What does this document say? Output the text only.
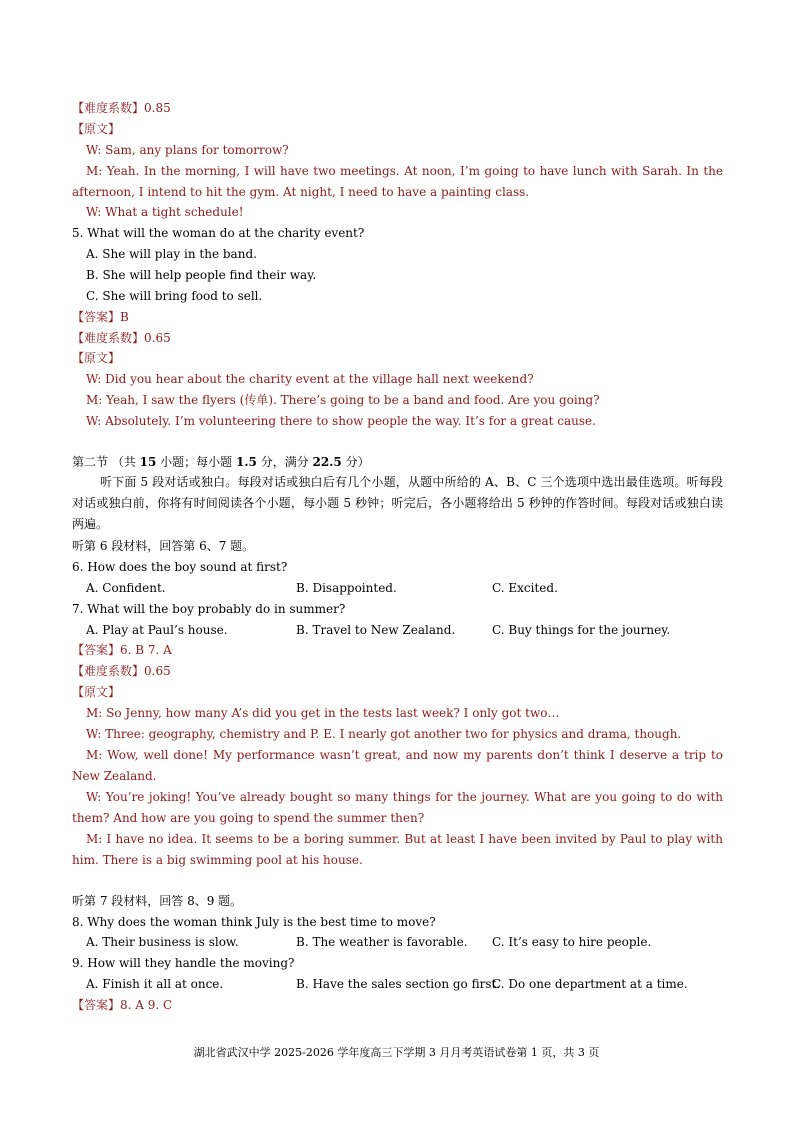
【难度系数】0.85
【原文】
W: Sam, any plans for tomorrow?
M: Yeah. In the morning, I will have two meetings. At noon, I’m going to have lunch with Sarah. In the afternoon, I intend to hit the gym. At night, I need to have a painting class.
W: What a tight schedule!
5. What will the woman do at the charity event?
A. She will play in the band.
B. She will help people find their way.
C. She will bring food to sell.
【答案】B
【难度系数】0.65
【原文】
W: Did you hear about the charity event at the village hall next weekend?
M: Yeah, I saw the flyers (传单). There’s going to be a band and food. Are you going?
W: Absolutely. I’m volunteering there to show people the way. It’s for a great cause.
第二节 （共 15 小题；每小题 1.5 分，满分 22.5 分）
听下面 5 段对话或独白。每段对话或独白后有几个小题，从题中所给的 A、B、C 三个选项中选出最佳选项。听每段对话或独白前，你将有时间阅读各个小题，每小题 5 秒钟；听完后，各小题将给出 5 秒钟的作答时间。每段对话或独白读两遍。
听第 6 段材料，回答第 6、7 题。
6. How does the boy sound at first?
A. Confident.	B. Disappointed.	C. Excited.
7. What will the boy probably do in summer?
A. Play at Paul’s house.	B. Travel to New Zealand.	C. Buy things for the journey.
【答案】6. B 7. A
【难度系数】0.65
【原文】
M: So Jenny, how many A’s did you get in the tests last week? I only got two…
W: Three: geography, chemistry and P. E. I nearly got another two for physics and drama, though.
M: Wow, well done! My performance wasn’t great, and now my parents don’t think I deserve a trip to New Zealand.
W: You’re joking! You’ve already bought so many things for the journey. What are you going to do with them? And how are you going to spend the summer then?
M: I have no idea. It seems to be a boring summer. But at least I have been invited by Paul to play with him. There is a big swimming pool at his house.
听第 7 段材料，回答 8、9 题。
8. Why does the woman think July is the best time to move?
A. Their business is slow.	B. The weather is favorable. C. It’s easy to hire people.
9. How will they handle the moving?
A. Finish it all at once.	B. Have the sales section go first.
C. Do one department at a time.
【答案】8. A 9. C
湖北省武汉中学 2025-2026 学年度高三下学期 3 月月考英语试卷第 1 页，共 3 页
